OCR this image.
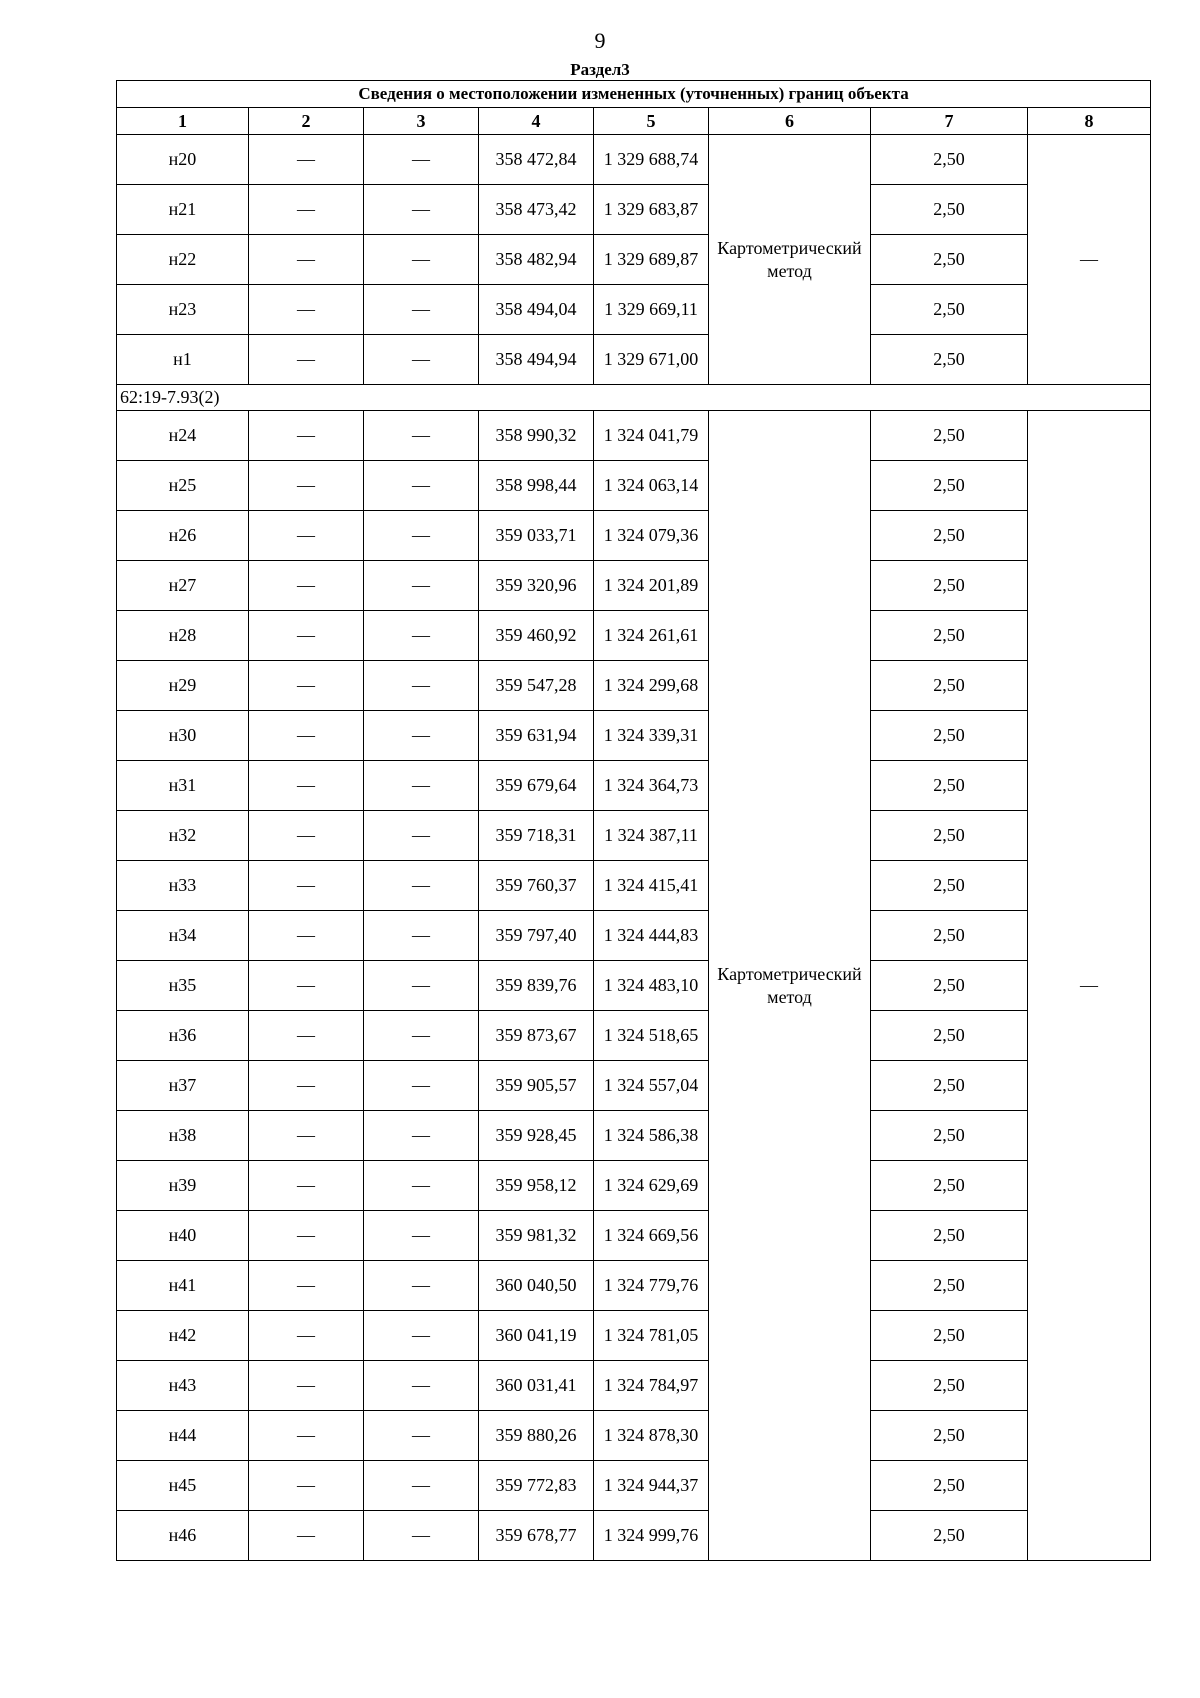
9
Раздел3
Сведения о местоположении измененных (уточненных) границ объекта							
1	2	3	4	5	6	7	8
н20	—	—	358 472,84	1 329 688,74	Картометрический метод	2,50	—
н21	—	—	358 473,42	1 329 683,87		2,50	
н22	—	—	358 482,94	1 329 689,87		2,50	
н23	—	—	358 494,04	1 329 669,11		2,50	
н1	—	—	358 494,94	1 329 671,00		2,50	
62:19-7.93(2)							
н24	—	—	358 990,32	1 324 041,79	Картометрический метод	2,50	—
н25	—	—	358 998,44	1 324 063,14		2,50	
н26	—	—	359 033,71	1 324 079,36		2,50	
н27	—	—	359 320,96	1 324 201,89		2,50	
н28	—	—	359 460,92	1 324 261,61		2,50	
н29	—	—	359 547,28	1 324 299,68		2,50	
н30	—	—	359 631,94	1 324 339,31		2,50	
н31	—	—	359 679,64	1 324 364,73		2,50	
н32	—	—	359 718,31	1 324 387,11		2,50	
н33	—	—	359 760,37	1 324 415,41		2,50	
н34	—	—	359 797,40	1 324 444,83		2,50	
н35	—	—	359 839,76	1 324 483,10		2,50	
н36	—	—	359 873,67	1 324 518,65		2,50	
н37	—	—	359 905,57	1 324 557,04		2,50	
н38	—	—	359 928,45	1 324 586,38		2,50	
н39	—	—	359 958,12	1 324 629,69		2,50	
н40	—	—	359 981,32	1 324 669,56		2,50	
н41	—	—	360 040,50	1 324 779,76		2,50	
н42	—	—	360 041,19	1 324 781,05		2,50	
н43	—	—	360 031,41	1 324 784,97		2,50	
н44	—	—	359 880,26	1 324 878,30		2,50	
н45	—	—	359 772,83	1 324 944,37		2,50	
н46	—	—	359 678,77	1 324 999,76		2,50	
